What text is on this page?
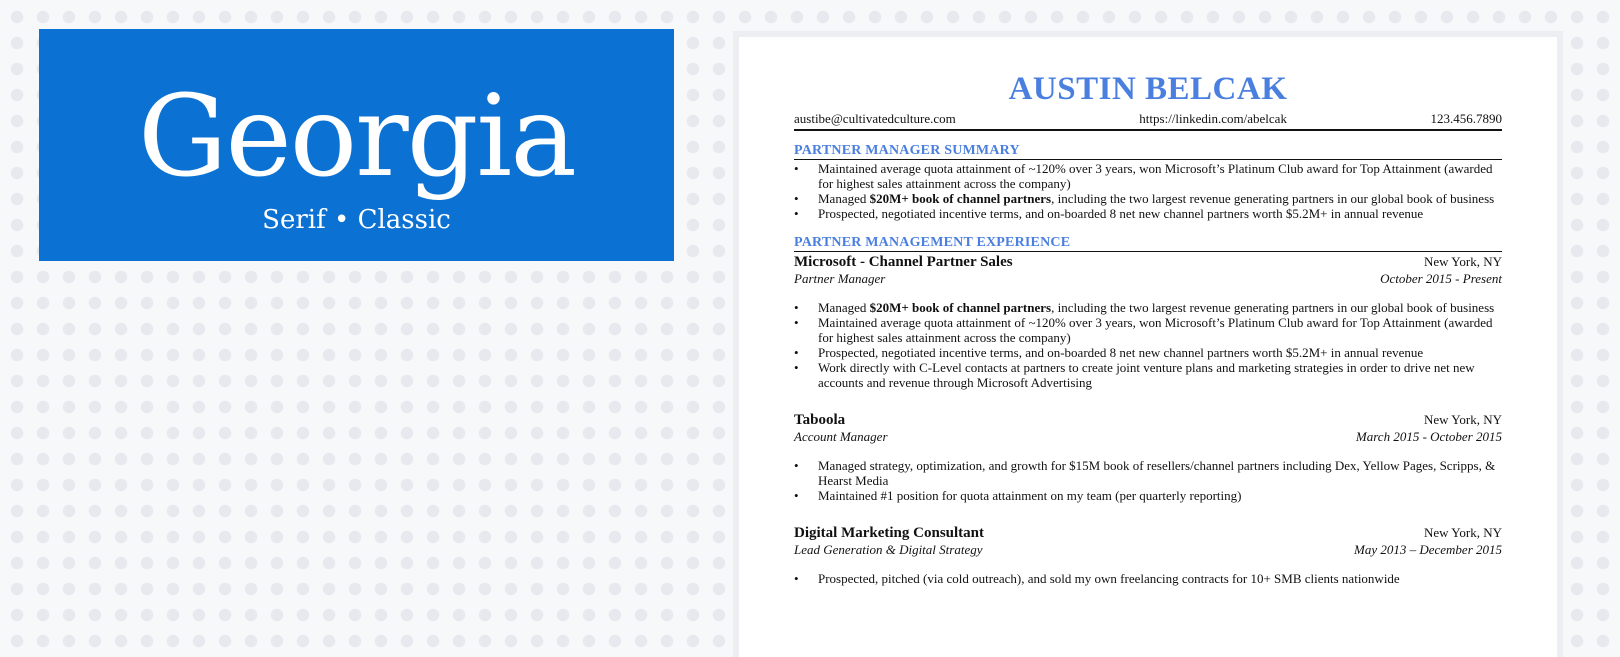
Georgia
Serif • Classic
AUSTIN BELCAK
austibe@cultivatedculture.com	https://linkedin.com/abelcak	123.456.7890
PARTNER MANAGER SUMMARY
• Maintained average quota attainment of ~120% over 3 years, won Microsoft’s Platinum Club award for Top Attainment (awarded for highest sales attainment across the company)
• Managed $20M+ book of channel partners, including the two largest revenue generating partners in our global book of business
• Prospected, negotiated incentive terms, and on-boarded 8 net new channel partners worth $5.2M+ in annual revenue
PARTNER MANAGEMENT EXPERIENCE
Microsoft - Channel Partner Sales	New York, NY
Partner Manager	October 2015 - Present
• Managed $20M+ book of channel partners, including the two largest revenue generating partners in our global book of business
• Maintained average quota attainment of ~120% over 3 years, won Microsoft’s Platinum Club award for Top Attainment (awarded for highest sales attainment across the company)
• Prospected, negotiated incentive terms, and on-boarded 8 net new channel partners worth $5.2M+ in annual revenue
• Work directly with C-Level contacts at partners to create joint venture plans and marketing strategies in order to drive net new accounts and revenue through Microsoft Advertising
Taboola	New York, NY
Account Manager	March 2015 - October 2015
• Managed strategy, optimization, and growth for $15M book of resellers/channel partners including Dex, Yellow Pages, Scripps, & Hearst Media
• Maintained #1 position for quota attainment on my team (per quarterly reporting)
Digital Marketing Consultant	New York, NY
Lead Generation & Digital Strategy	May 2013 – December 2015
• Prospected, pitched (via cold outreach), and sold my own freelancing contracts for 10+ SMB clients nationwide
